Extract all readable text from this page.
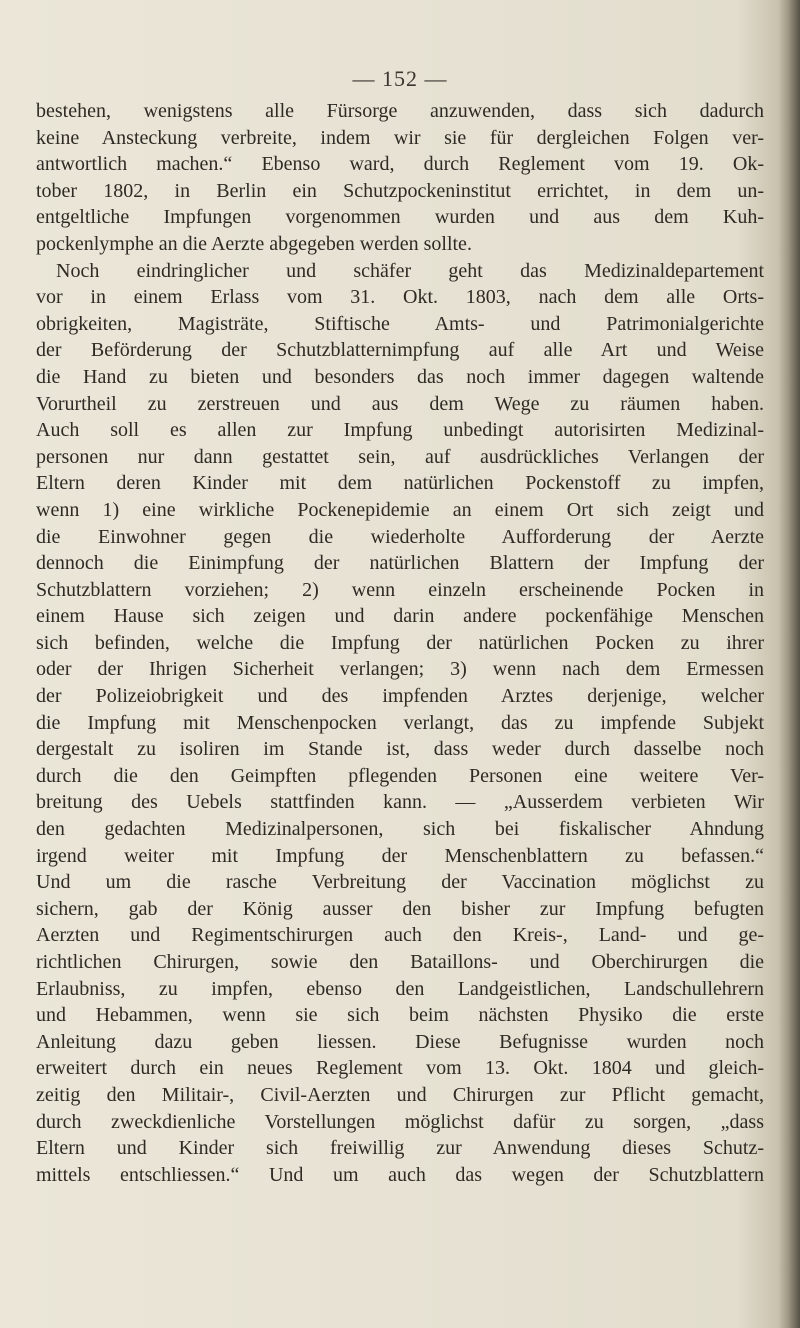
— 152 —
bestehen, wenigstens alle Fürsorge anzuwenden, dass sich dadurch
keine Ansteckung verbreite, indem wir sie für dergleichen Folgen ver-
antwortlich machen.“ Ebenso ward, durch Reglement vom 19. Ok-
tober 1802, in Berlin ein Schutzpockeninstitut errichtet, in dem un-
entgeltliche Impfungen vorgenommen wurden und aus dem Kuh-
pockenlymphe an die Aerzte abgegeben werden sollte.
Noch eindringlicher und schäfer geht das Medizinaldepartement
vor in einem Erlass vom 31. Okt. 1803, nach dem alle Orts-
obrigkeiten, Magisträte, Stiftische Amts- und Patrimonialgerichte
der Beförderung der Schutzblatternimpfung auf alle Art und Weise
die Hand zu bieten und besonders das noch immer dagegen waltende
Vorurtheil zu zerstreuen und aus dem Wege zu räumen haben.
Auch soll es allen zur Impfung unbedingt autorisirten Medizinal-
personen nur dann gestattet sein, auf ausdrückliches Verlangen der
Eltern deren Kinder mit dem natürlichen Pockenstoff zu impfen,
wenn 1) eine wirkliche Pockenepidemie an einem Ort sich zeigt und
die Einwohner gegen die wiederholte Aufforderung der Aerzte
dennoch die Einimpfung der natürlichen Blattern der Impfung der
Schutzblattern vorziehen; 2) wenn einzeln erscheinende Pocken in
einem Hause sich zeigen und darin andere pockenfähige Menschen
sich befinden, welche die Impfung der natürlichen Pocken zu ihrer
oder der Ihrigen Sicherheit verlangen; 3) wenn nach dem Ermessen
der Polizeiobrigkeit und des impfenden Arztes derjenige, welcher
die Impfung mit Menschenpocken verlangt, das zu impfende Subjekt
dergestalt zu isoliren im Stande ist, dass weder durch dasselbe noch
durch die den Geimpften pflegenden Personen eine weitere Ver-
breitung des Uebels stattfinden kann. — „Ausserdem verbieten Wir
den gedachten Medizinalpersonen, sich bei fiskalischer Ahndung
irgend weiter mit Impfung der Menschenblattern zu befassen.“
Und um die rasche Verbreitung der Vaccination möglichst zu
sichern, gab der König ausser den bisher zur Impfung befugten
Aerzten und Regimentschirurgen auch den Kreis-, Land- und ge-
richtlichen Chirurgen, sowie den Bataillons- und Oberchirurgen die
Erlaubniss, zu impfen, ebenso den Landgeistlichen, Landschullehrern
und Hebammen, wenn sie sich beim nächsten Physiko die erste
Anleitung dazu geben liessen. Diese Befugnisse wurden noch
erweitert durch ein neues Reglement vom 13. Okt. 1804 und gleich-
zeitig den Militair-, Civil-Aerzten und Chirurgen zur Pflicht gemacht,
durch zweckdienliche Vorstellungen möglichst dafür zu sorgen, „dass
Eltern und Kinder sich freiwillig zur Anwendung dieses Schutz-
mittels entschliessen.“ Und um auch das wegen der Schutzblattern
